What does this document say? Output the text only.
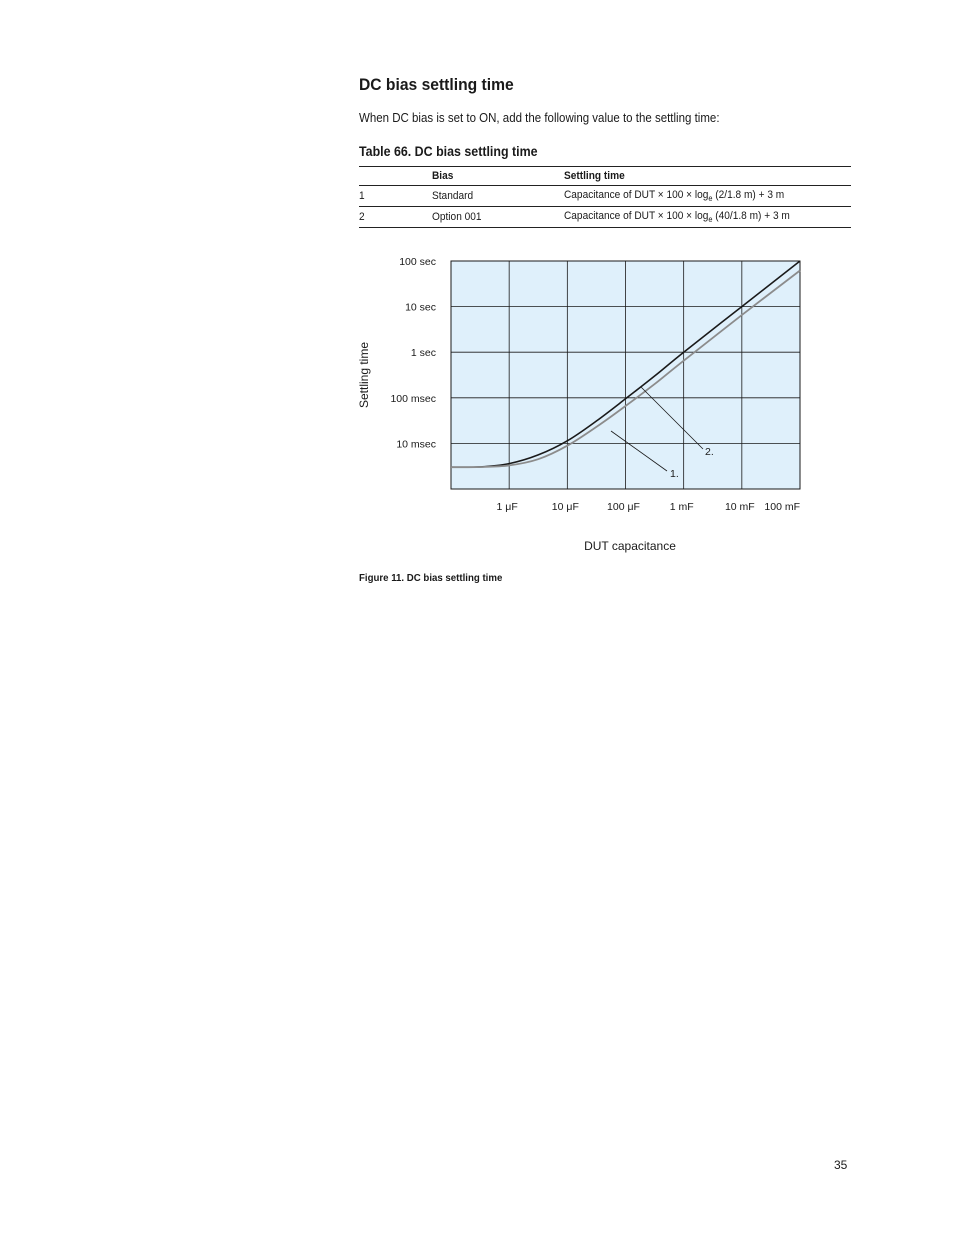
DC bias settling time

When DC bias is set to ON, add the following value to the settling time:

Table 66. DC bias settling time

	Bias	Settling time
1	Standard	Capacitance of DUT × $100 \times \log_e (2/1.8$ m) + 3 m
2	Option 001	Capacitance of DUT × $100 \times \log_e (40/1.8$ m) + 3 m
1.
2.
100 sec
10 sec
1 sec
100 msec
10 msec
1 μF	10 μF	100 μF	1 mF	10 mF 100 mF
Settling time
DUT capacitance

Figure 11. DC bias settling time

35
